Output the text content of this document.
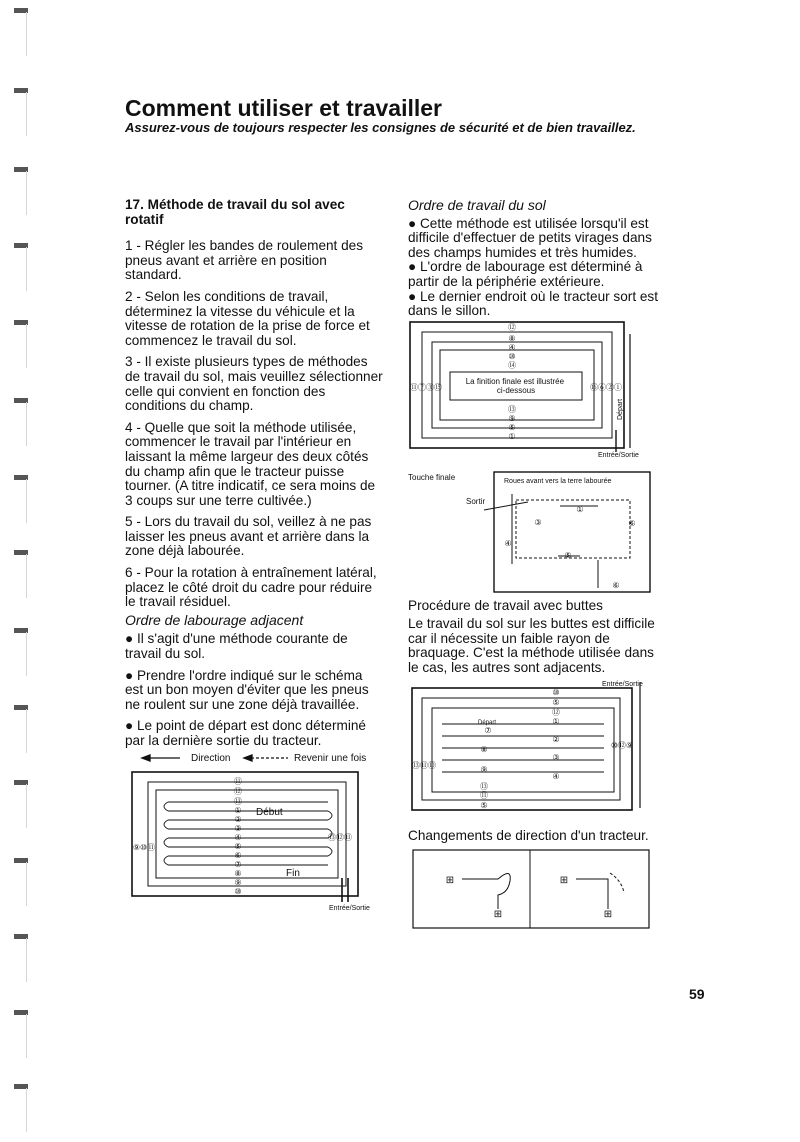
Comment utiliser et travailler
Assurez-vous de toujours respecter les consignes de sécurité et de bien travaillez.

17. Méthode de travail du sol avec rotatif

1 - Régler les bandes de roulement des pneus avant et arrière en position standard.

2 - Selon les conditions de travail, déterminez la vitesse du véhicule et la vitesse de rotation de la prise de force et commencez le travail du sol.

3 - Il existe plusieurs types de méthodes de travail du sol, mais veuillez sélectionner celle qui convient en fonction des conditions du champ.

4 - Quelle que soit la méthode utilisée, commencer le travail par l'intérieur en laissant la même largeur des deux côtés du champ afin que le tracteur puisse tourner. (A titre indicatif, ce sera moins de 3 coups sur une terre cultivée.)

5 - Lors du travail du sol, veillez à ne pas laisser les pneus avant et arrière dans la zone déjà labourée.

6 - Pour la rotation à entraînement latéral, placez le côté droit du cadre pour réduire le travail résiduel.

Ordre de labourage adjacent

● Il s'agit d'une méthode courante de travail du sol.

● Prendre l'ordre indiqué sur le schéma est un bon moyen d'éviter que les pneus ne roulent sur une zone déjà travaillée.

● Le point de départ est donc déterminé par la dernière sortie du tracteur.

Ordre de travail du sol

● Cette méthode est utilisée lorsqu'il est difficile d'effectuer de petits virages dans des champs humides et très humides.

● L'ordre de labourage est déterminé à partir de la périphérie extérieure.

● Le dernier endroit où le tracteur sort est dans le sillon.

Procédure de travail avec buttes

Le travail du sol sur les buttes est difficile car il nécessite un faible rayon de braquage. C'est la méthode utilisée dans le cas, les autres sont adjacents.

Changements de direction d'un tracteur.

Direction	Revenir une fois
⑪
⑫
⑬
①
②
③
④
⑤
⑥
⑦
⑧
⑨
⑩
⑨⑩⑪
⑬⑫⑪
Début
Fin
Entrée/Sortie
⑫
⑧
④
⑩
⑭
⑬
⑨
⑤
①
⑪⑦③⑮	⑯⑥②①
La finition finale est illustrée ci-dessous
Départ
Entrée/Sortie
Touche finale	Roues avant vers la terre labourée
Sortir
①
③	⑥
④
⑤
⑥
Entrée/Sortie
⑩
⑤
⑫
①
⑦
②
⑧
③
⑨
④
⑬
⑪
⑤
⑬⑪⑩
⑩⑫⑨
Départ
⊞
⊞
⊞
⊞
59
